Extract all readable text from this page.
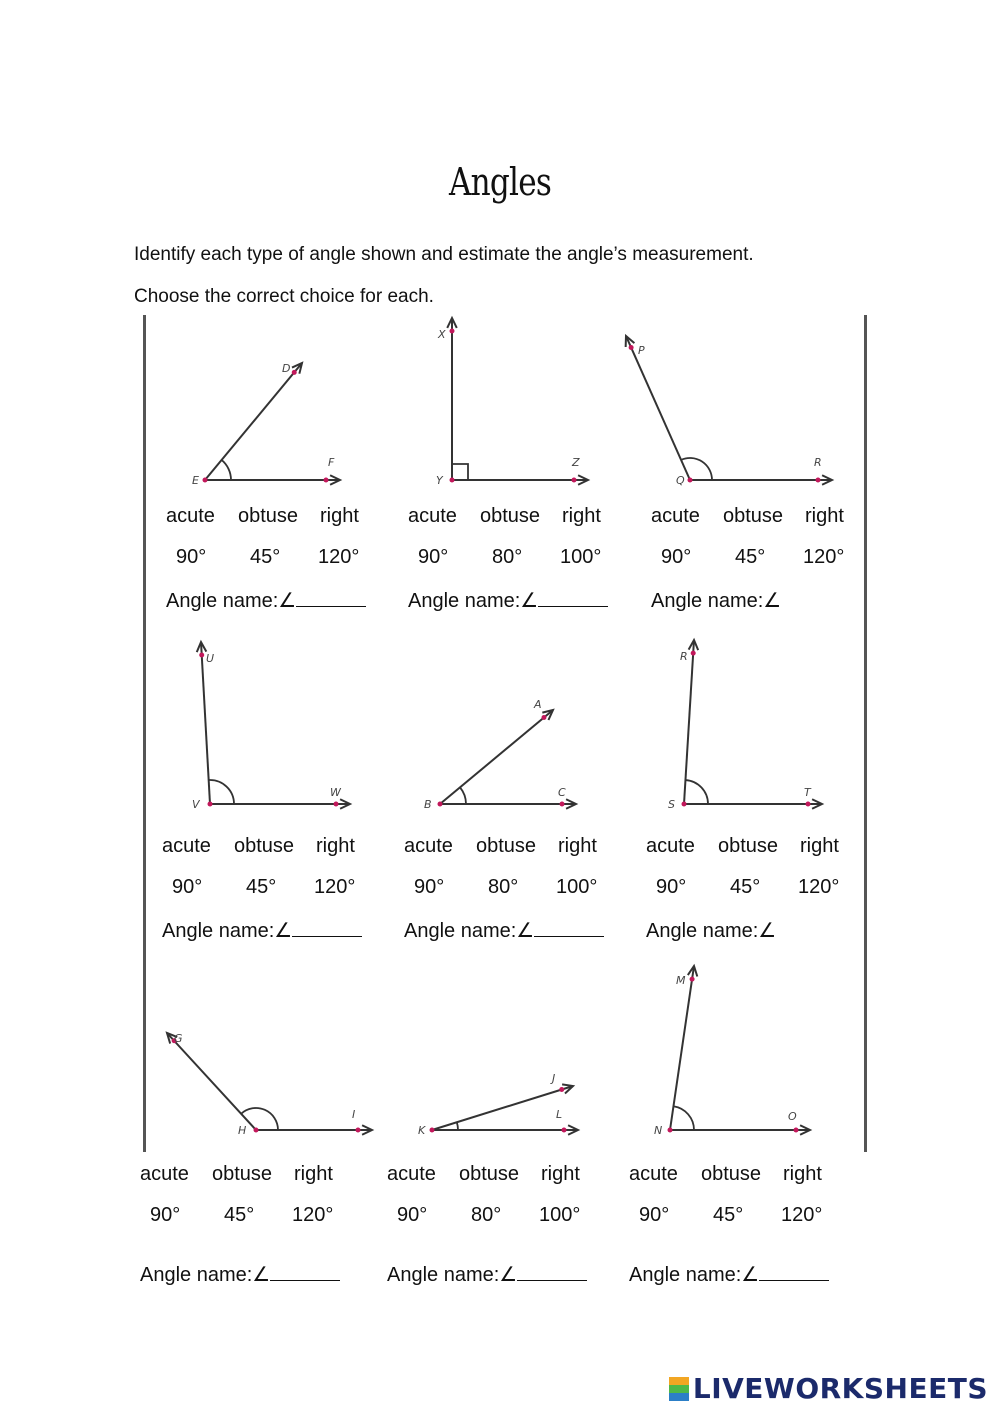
Angles
Identify each type of angle shown and estimate the angle’s measurement.
Choose the correct choice for each.
acute obtuse right
90° 45° 120°
Angle name:∠
acute obtuse right
90° 80° 100°
Angle name:∠
acute obtuse right
90° 45° 120°
Angle name:∠
acute obtuse right
90° 45° 120°
Angle name:∠
acute obtuse right
90° 80° 100°
Angle name:∠
acute obtuse right
90° 45° 120°
Angle name:∠
acute obtuse right
90° 45° 120°
Angle name:∠
acute obtuse right
90° 80° 100°
Angle name:∠
acute obtuse right
90° 45° 120°
Angle name:∠
LIVEWORKSHEETS
D
E
F
X
Y
Z
P
Q
R
U
V
W
A
B
C
R
S
T
G
H
I
J
K
L
M
N
O
